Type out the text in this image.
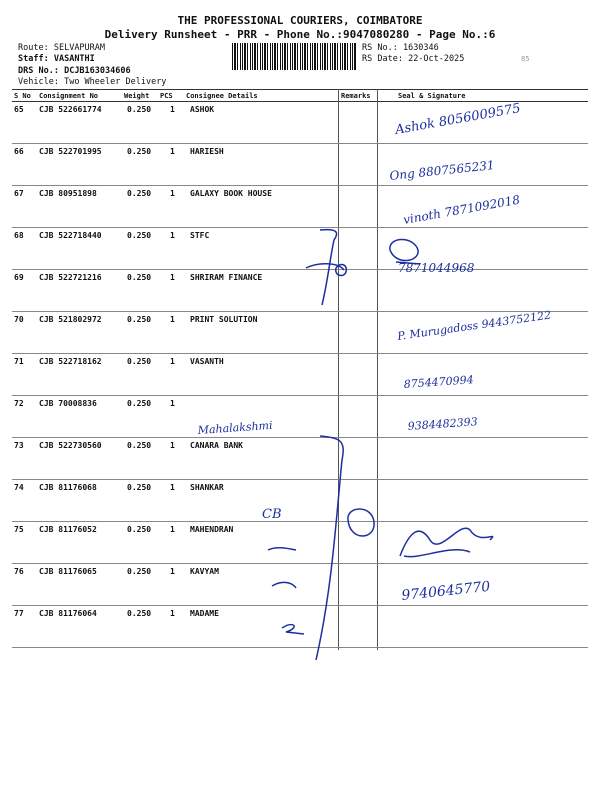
THE PROFESSIONAL COURIERS, COIMBATORE
Delivery Runsheet - PRR - Phone No.:9047080280 - Page No.:6
Route: SELVAPURAM
Staff: VASANTHI
DRS No.: DCJB163034606
Vehicle: Two Wheeler Delivery
RS No.: 1630346
RS Date: 22-Oct-2025	85
S No Consignment No	Weight PCS Consignee Details	Remarks	Seal & Signature
65 CJB 522661774	0.250 1 ASHOK
66 CJB 522701995	0.250 1 HARIESH
67 CJB 80951898	0.250 1 GALAXY BOOK HOUSE
68 CJB 522718440	0.250 1 STFC
69 CJB 522721216	0.250 1 SHRIRAM FINANCE
70 CJB 521802972	0.250 1 PRINT SOLUTION
71 CJB 522718162	0.250 1 VASANTH
72 CJB 70008836	0.250 1
73 CJB 522730560	0.250 1 CANARA BANK
74 CJB 81176068	0.250 1 SHANKAR
75 CJB 81176052	0.250 1 MAHENDRAN
76 CJB 81176065	0.250 1 KAVYAM
77 CJB 81176064	0.250 1 MADAME
Ashok 8056009575
Ong 8807565231
vinoth 7871092018
7871044968
P. Murugadoss 9443752122
8754470994
Mahalakshmi	9384482393
CB
9740645770
